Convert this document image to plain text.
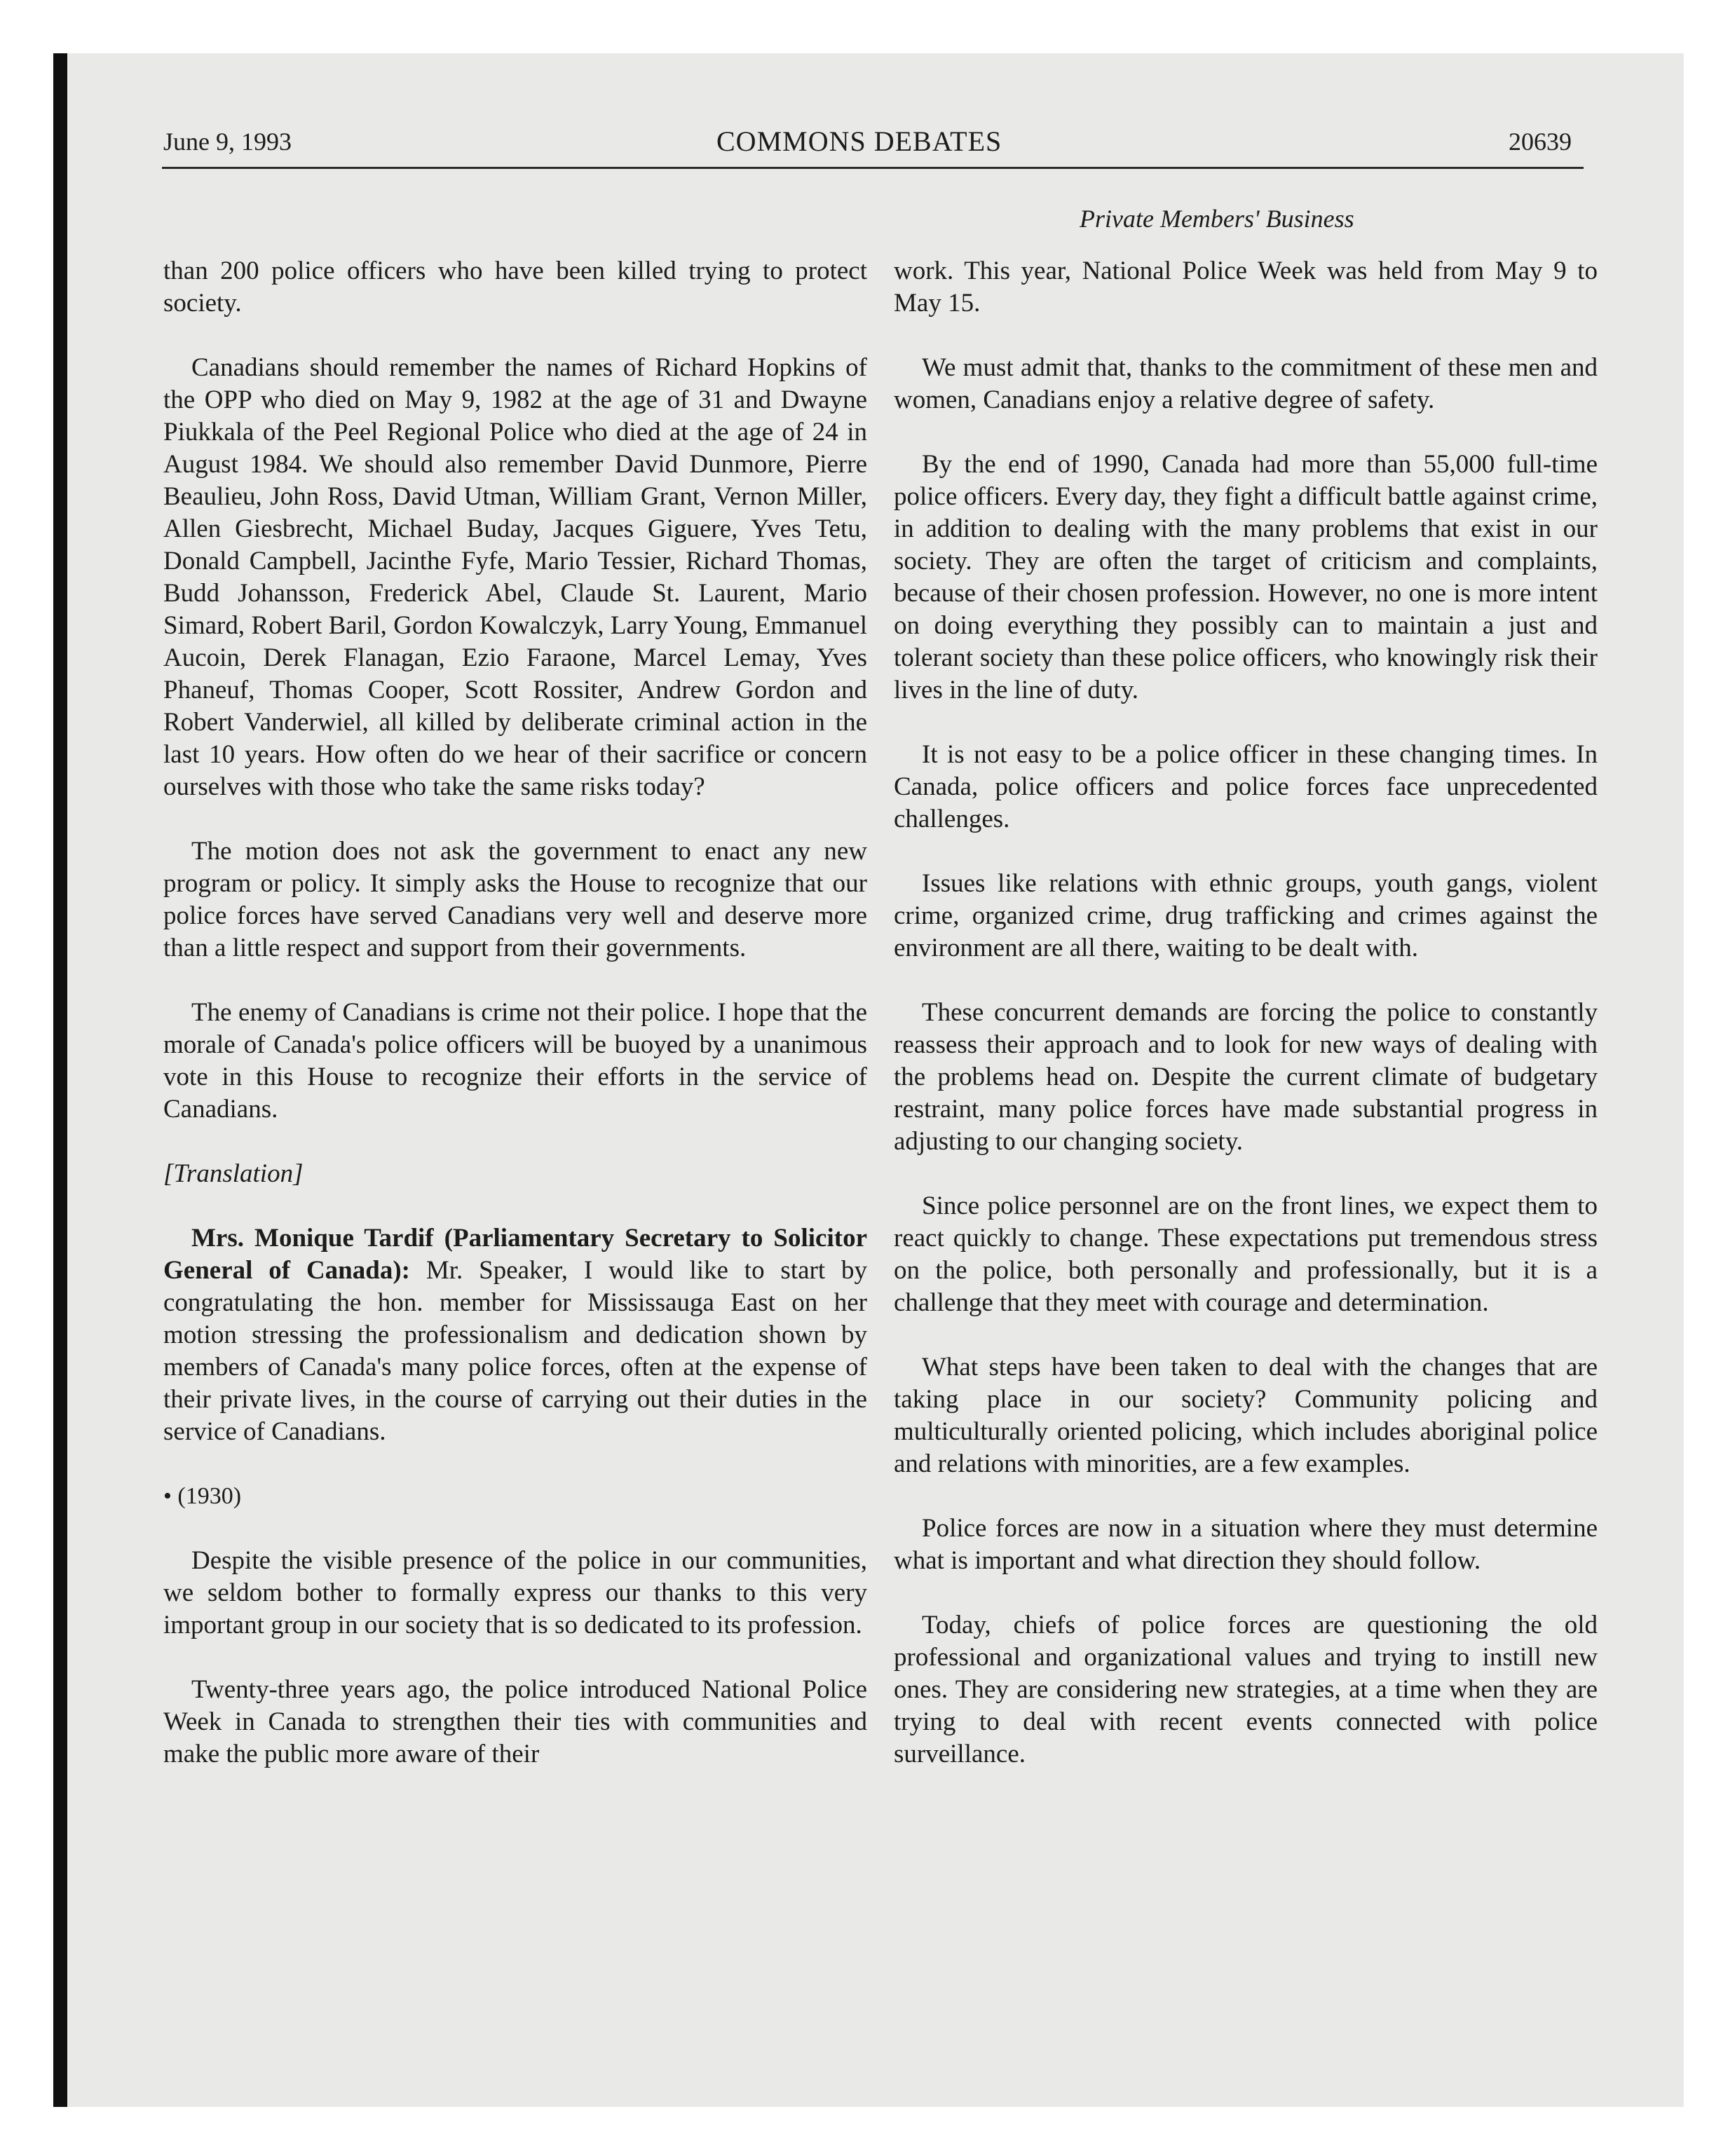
June 9, 1993	COMMONS DEBATES	20639
Private Members' Business

than 200 police officers who have been killed trying to protect society.

Canadians should remember the names of Richard Hopkins of the OPP who died on May 9, 1982 at the age of 31 and Dwayne Piukkala of the Peel Regional Police who died at the age of 24 in August 1984. We should also remember David Dunmore, Pierre Beaulieu, John Ross, David Utman, William Grant, Vernon Miller, Allen Giesbrecht, Michael Buday, Jacques Giguere, Yves Tetu, Donald Campbell, Jacinthe Fyfe, Mario Tessier, Richard Thomas, Budd Johansson, Frederick Abel, Claude St. Laurent, Mario Simard, Robert Baril, Gordon Kowalczyk, Larry Young, Emmanuel Aucoin, Derek Flanagan, Ezio Faraone, Marcel Lemay, Yves Phaneuf, Thomas Cooper, Scott Rossiter, Andrew Gordon and Robert Vanderwiel, all killed by deliberate criminal action in the last 10 years. How often do we hear of their sacrifice or concern ourselves with those who take the same risks today?

The motion does not ask the government to enact any new program or policy. It simply asks the House to recognize that our police forces have served Canadians very well and deserve more than a little respect and support from their governments.

The enemy of Canadians is crime not their police. I hope that the morale of Canada's police officers will be buoyed by a unanimous vote in this House to recognize their efforts in the service of Canadians.

[Translation]

Mrs. Monique Tardif (Parliamentary Secretary to Solicitor General of Canada): Mr. Speaker, I would like to start by congratulating the hon. member for Mississauga East on her motion stressing the professionalism and dedication shown by members of Canada's many police forces, often at the expense of their private lives, in the course of carrying out their duties in the service of Canadians.

• (1930)

Despite the visible presence of the police in our communities, we seldom bother to formally express our thanks to this very important group in our society that is so dedicated to its profession.

Twenty-three years ago, the police introduced National Police Week in Canada to strengthen their ties with communities and make the public more aware of their

work. This year, National Police Week was held from May 9 to May 15.

We must admit that, thanks to the commitment of these men and women, Canadians enjoy a relative degree of safety.

By the end of 1990, Canada had more than 55,000 full-time police officers. Every day, they fight a difficult battle against crime, in addition to dealing with the many problems that exist in our society. They are often the target of criticism and complaints, because of their chosen profession. However, no one is more intent on doing everything they possibly can to maintain a just and tolerant society than these police officers, who knowingly risk their lives in the line of duty.

It is not easy to be a police officer in these changing times. In Canada, police officers and police forces face unprecedented challenges.

Issues like relations with ethnic groups, youth gangs, violent crime, organized crime, drug trafficking and crimes against the environment are all there, waiting to be dealt with.

These concurrent demands are forcing the police to constantly reassess their approach and to look for new ways of dealing with the problems head on. Despite the current climate of budgetary restraint, many police forces have made substantial progress in adjusting to our changing society.

Since police personnel are on the front lines, we expect them to react quickly to change. These expectations put tremendous stress on the police, both personally and professionally, but it is a challenge that they meet with courage and determination.

What steps have been taken to deal with the changes that are taking place in our society? Community policing and multiculturally oriented policing, which includes aboriginal police and relations with minorities, are a few examples.

Police forces are now in a situation where they must determine what is important and what direction they should follow.

Today, chiefs of police forces are questioning the old professional and organizational values and trying to instill new ones. They are considering new strategies, at a time when they are trying to deal with recent events connected with police surveillance.
